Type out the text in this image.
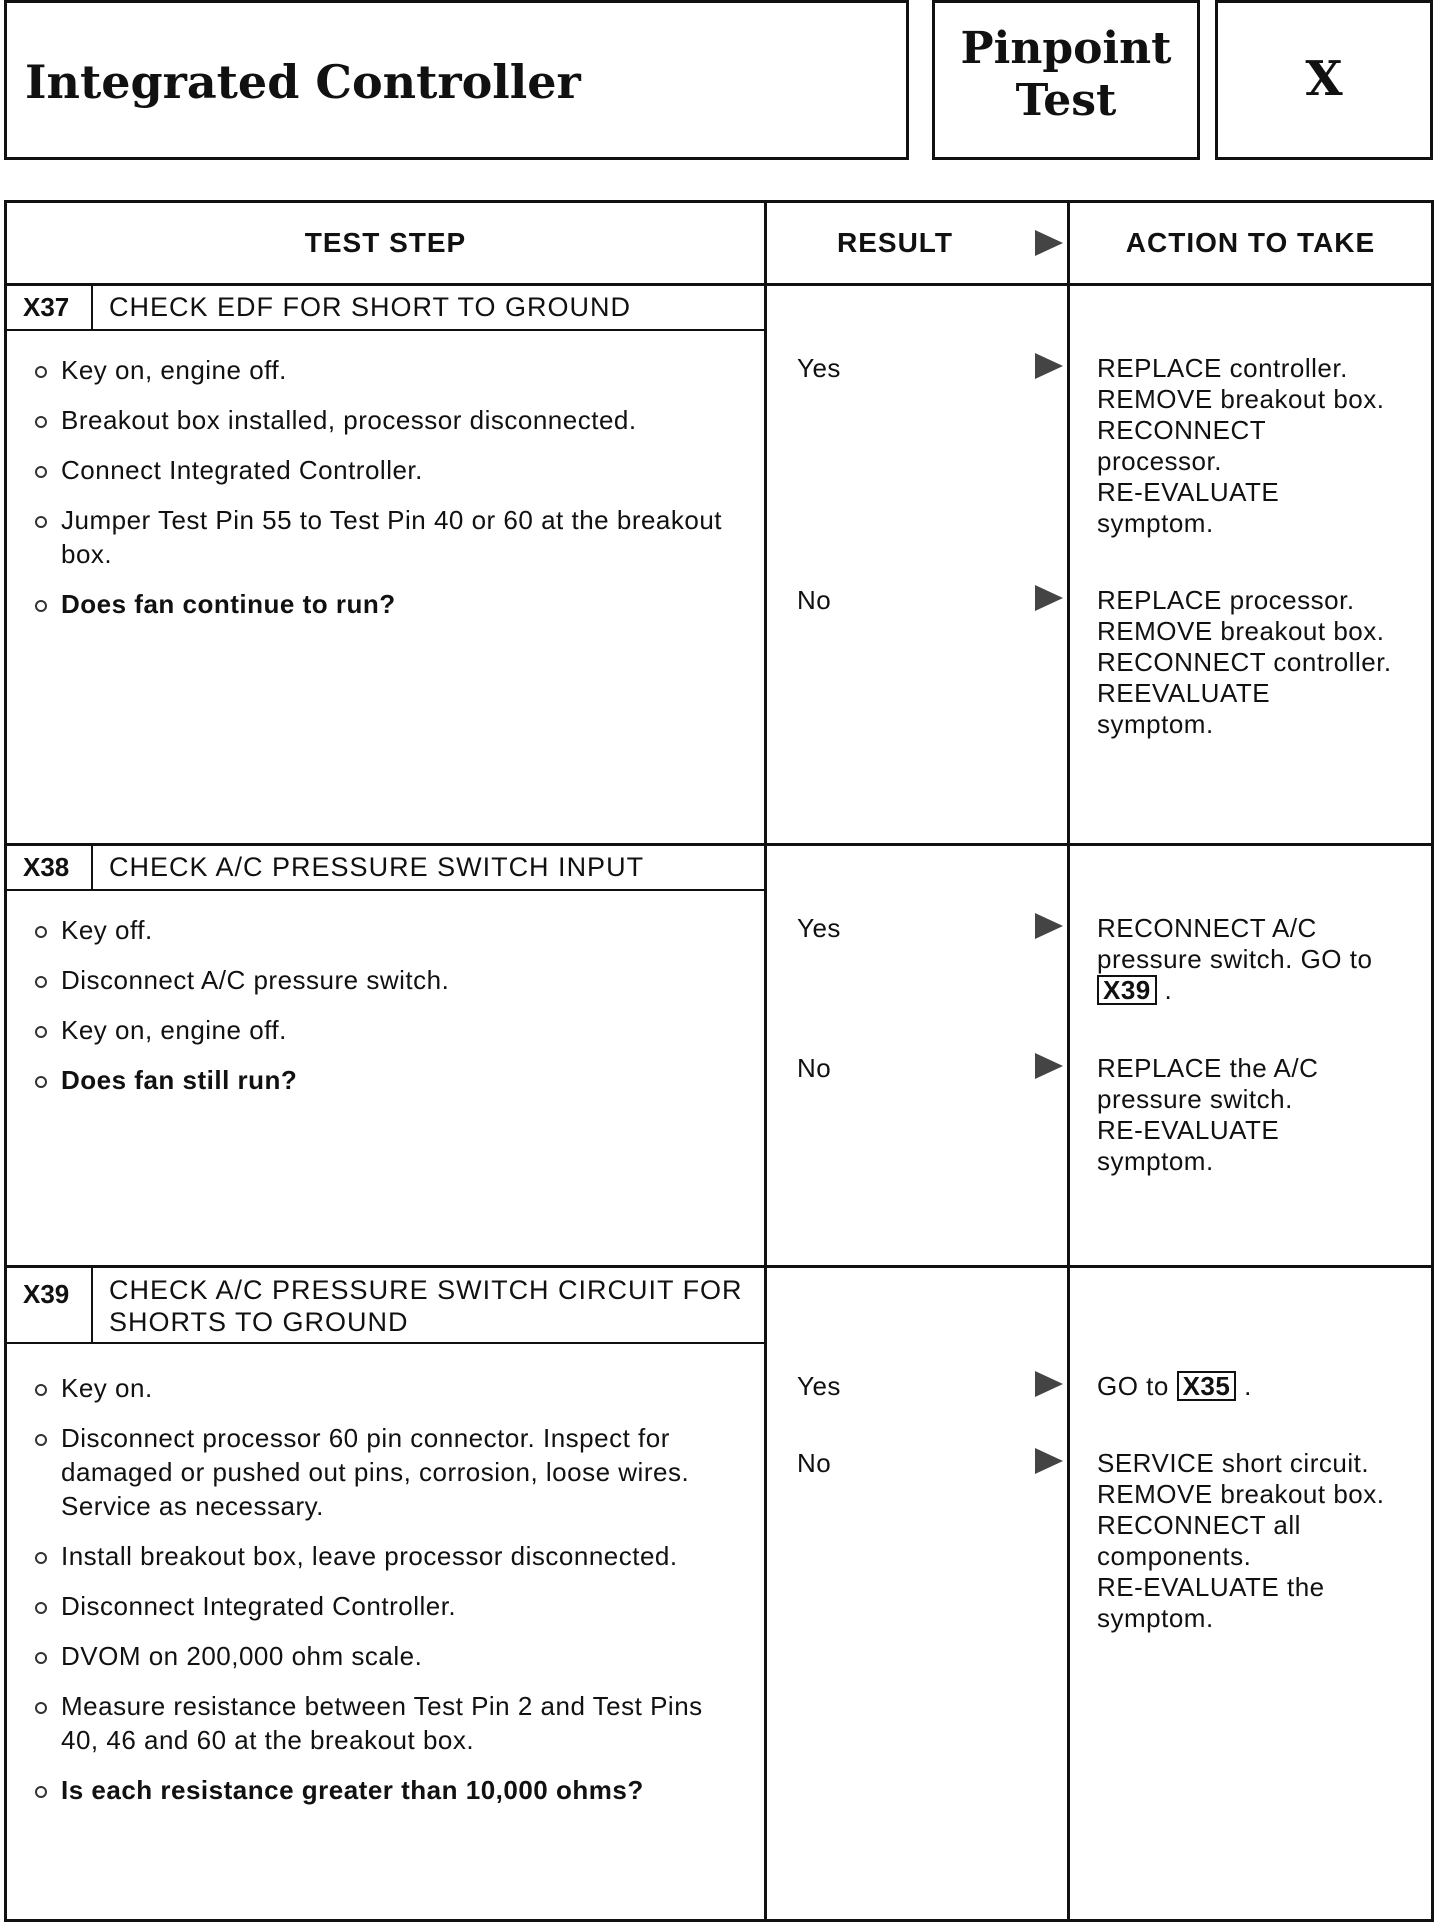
Integrated Controller
Pinpoint
Test	X
TEST STEP	RESULT	ACTION TO TAKE
X37	CHECK EDF FOR SHORT TO GROUND
Key on, engine off.
Breakout box installed, processor disconnected.
Connect Integrated Controller.
Jumper Test Pin 55 to Test Pin 40 or 60 at the breakout box.
Does fan continue to run?
Yes	REPLACE controller.
REMOVE breakout box.
RECONNECT
processor.
RE-EVALUATE
symptom.
No	REPLACE processor.
REMOVE breakout box.
RECONNECT controller.
REEVALUATE
symptom.
X38	CHECK A/C PRESSURE SWITCH INPUT
Key off.
Disconnect A/C pressure switch.
Key on, engine off.
Does fan still run?
Yes	RECONNECT A/C
pressure switch. GO to
X39 .
No	REPLACE the A/C
pressure switch.
RE-EVALUATE
symptom.
X39	CHECK A/C PRESSURE SWITCH CIRCUIT FOR
SHORTS TO GROUND
Key on.
Disconnect processor 60 pin connector. Inspect for damaged or pushed out pins, corrosion, loose wires. Service as necessary.
Install breakout box, leave processor disconnected.
Disconnect Integrated Controller.
DVOM on 200,000 ohm scale.
Measure resistance between Test Pin 2 and Test Pins 40, 46 and 60 at the breakout box.
Is each resistance greater than 10,000 ohms?
Yes	GO to X35 .
No	SERVICE short circuit.
REMOVE breakout box.
RECONNECT all
components.
RE-EVALUATE the
symptom.
